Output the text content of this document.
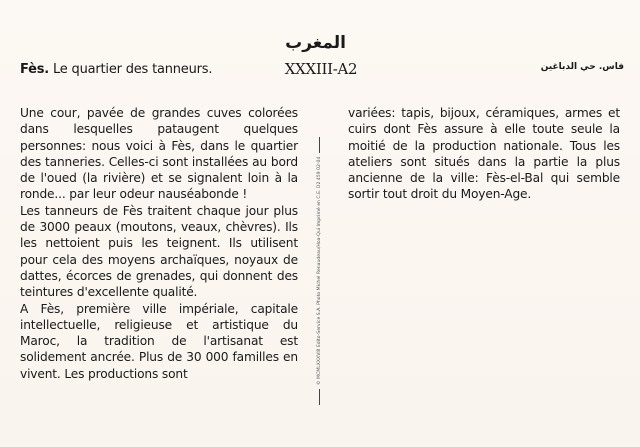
المغرب
XXXIII-A2
Fès. Le quartier des tanneurs.	فاس. حي الدباغين

Une cour, pavée de grandes cuves colorées dans lesquelles pataugent quelques personnes: nous voici à Fès, dans le quartier des tanneries. Celles-ci sont installées au bord de l'oued (la rivière) et se signalent loin à la ronde... par leur odeur nauséabonde !

Les tanneurs de Fès traitent chaque jour plus de 3000 peaux (moutons, veaux, chèvres). Ils les nettoient puis les teignent. Ils utilisent pour cela des moyens archaïques, noyaux de dattes, écorces de grenades, qui donnent des teintures d'excellente qualité.

A Fès, première ville impériale, capitale intellectuelle, religieuse et artistique du Maroc, la tradition de l'artisanat est solidement ancrée. Plus de 30 000 familles en vivent. Les productions sont	© MCMLXXXVIII Edito-Service S.A. Photo Michel Renaudeau/Hoa-Qui Imprimé en C.E. D2 459 02-04

variées: tapis, bijoux, céramiques, armes et cuirs dont Fès assure à elle toute seule la moitié de la production nationale. Tous les ateliers sont situés dans la partie la plus ancienne de la ville: Fès-el-Bal qui semble sortir tout droit du Moyen-Age.
